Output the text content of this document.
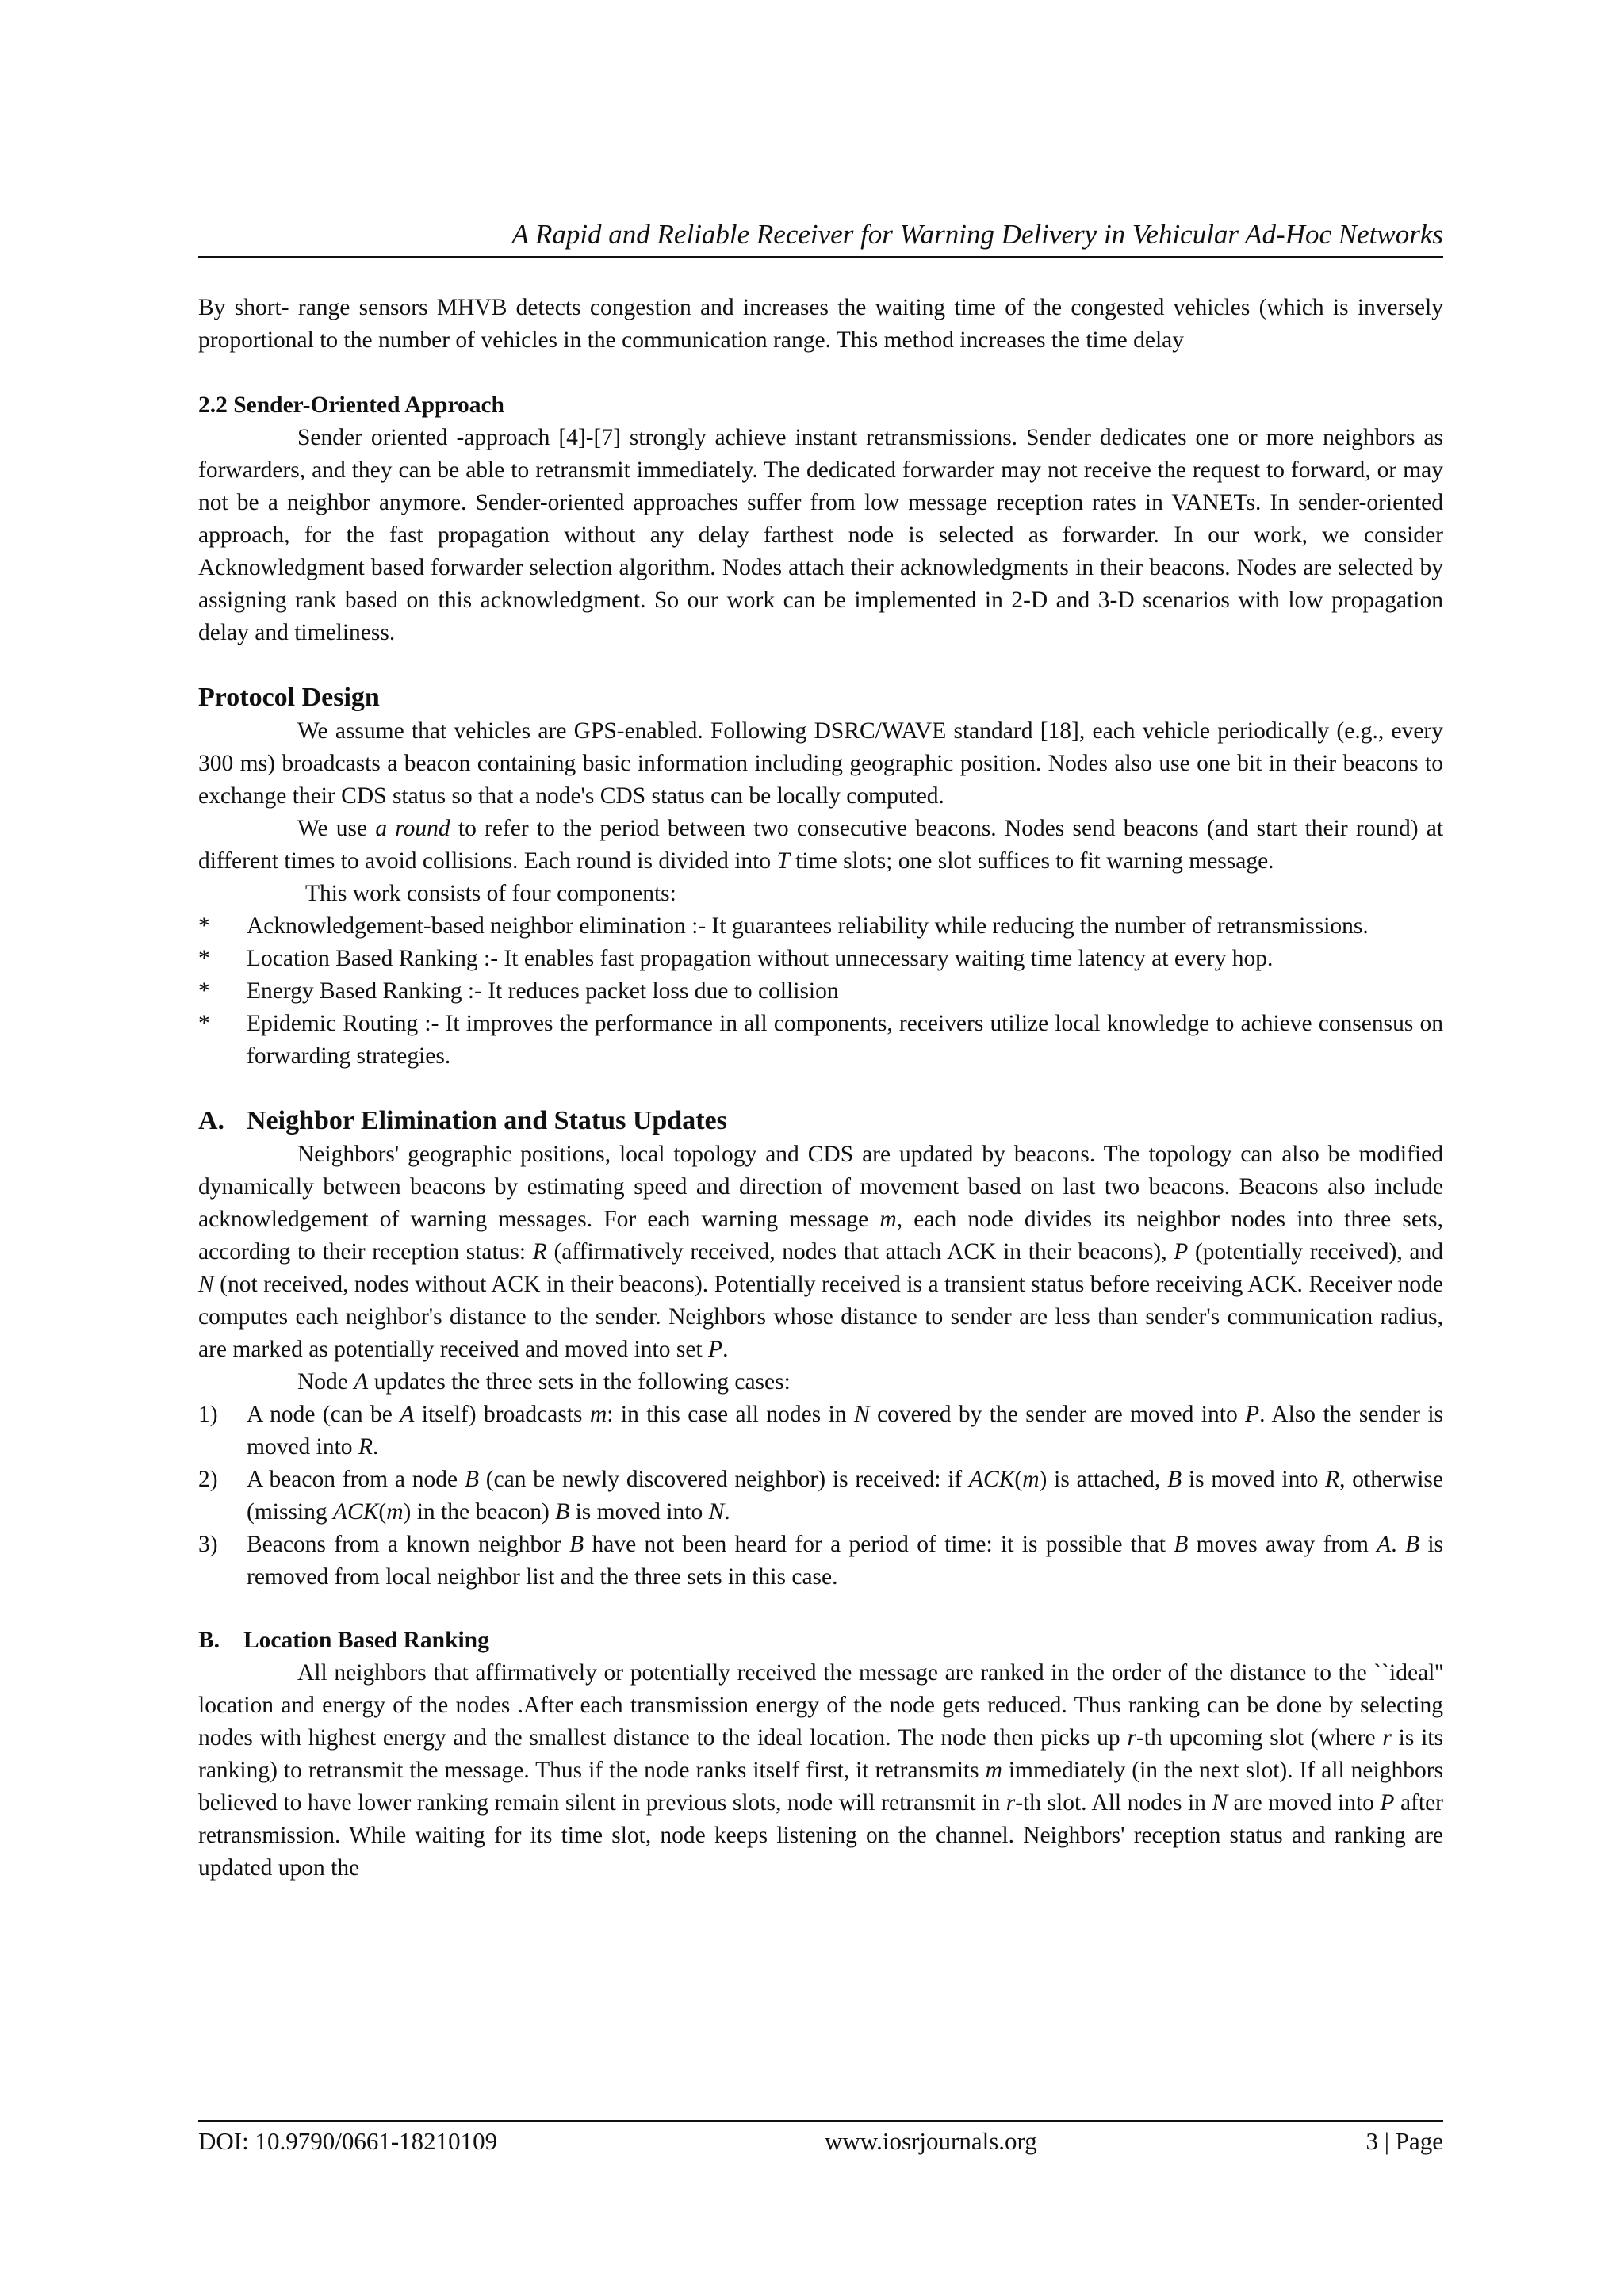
A Rapid and Reliable Receiver for Warning Delivery in Vehicular Ad-Hoc Networks

By short- range sensors MHVB detects congestion and increases the waiting time of the congested vehicles (which is inversely proportional to the number of vehicles in the communication range. This method increases the time delay

2.2 Sender-Oriented Approach

Sender oriented -approach [4]-[7] strongly achieve instant retransmissions. Sender dedicates one or more neighbors as forwarders, and they can be able to retransmit immediately. The dedicated forwarder may not receive the request to forward, or may not be a neighbor anymore. Sender-oriented approaches suffer from low message reception rates in VANETs. In sender-oriented approach, for the fast propagation without any delay farthest node is selected as forwarder. In our work, we consider Acknowledgment based forwarder selection algorithm. Nodes attach their acknowledgments in their beacons. Nodes are selected by assigning rank based on this acknowledgment. So our work can be implemented in 2-D and 3-D scenarios with low propagation delay and timeliness.

Protocol Design

We assume that vehicles are GPS-enabled. Following DSRC/WAVE standard [18], each vehicle periodically (e.g., every 300 ms) broadcasts a beacon containing basic information including geographic position. Nodes also use one bit in their beacons to exchange their CDS status so that a node's CDS status can be locally computed.

We use a round to refer to the period between two consecutive beacons. Nodes send beacons (and start their round) at different times to avoid collisions. Each round is divided into T time slots; one slot suffices to fit warning message.

This work consists of four components:

* Acknowledgement-based neighbor elimination :- It guarantees reliability while reducing the number of retransmissions.
* Location Based Ranking :- It enables fast propagation without unnecessary waiting time latency at every hop.
* Energy Based Ranking :- It reduces packet loss due to collision
* Epidemic Routing :- It improves the performance in all components, receivers utilize local knowledge to achieve consensus on forwarding strategies.

A. Neighbor Elimination and Status Updates

Neighbors' geographic positions, local topology and CDS are updated by beacons. The topology can also be modified dynamically between beacons by estimating speed and direction of movement based on last two beacons. Beacons also include acknowledgement of warning messages. For each warning message m, each node divides its neighbor nodes into three sets, according to their reception status: R (affirmatively received, nodes that attach ACK in their beacons), P (potentially received), and N (not received, nodes without ACK in their beacons). Potentially received is a transient status before receiving ACK. Receiver node computes each neighbor's distance to the sender. Neighbors whose distance to sender are less than sender's communication radius, are marked as potentially received and moved into set P.

Node A updates the three sets in the following cases:

1) A node (can be A itself) broadcasts m: in this case all nodes in N covered by the sender are moved into P. Also the sender is moved into R.
2) A beacon from a node B (can be newly discovered neighbor) is received: if ACK(m) is attached, B is moved into R, otherwise (missing ACK(m) in the beacon) B is moved into N.
3) Beacons from a known neighbor B have not been heard for a period of time: it is possible that B moves away from A. B is removed from local neighbor list and the three sets in this case.

B. Location Based Ranking

All neighbors that affirmatively or potentially received the message are ranked in the order of the distance to the ``ideal'' location and energy of the nodes .After each transmission energy of the node gets reduced. Thus ranking can be done by selecting nodes with highest energy and the smallest distance to the ideal location. The node then picks up r-th upcoming slot (where r is its ranking) to retransmit the message. Thus if the node ranks itself first, it retransmits m immediately (in the next slot). If all neighbors believed to have lower ranking remain silent in previous slots, node will retransmit in r-th slot. All nodes in N are moved into P after retransmission. While waiting for its time slot, node keeps listening on the channel. Neighbors' reception status and ranking are updated upon the

DOI: 10.9790/0661-18210109	www.iosrjournals.org	3 | Page
